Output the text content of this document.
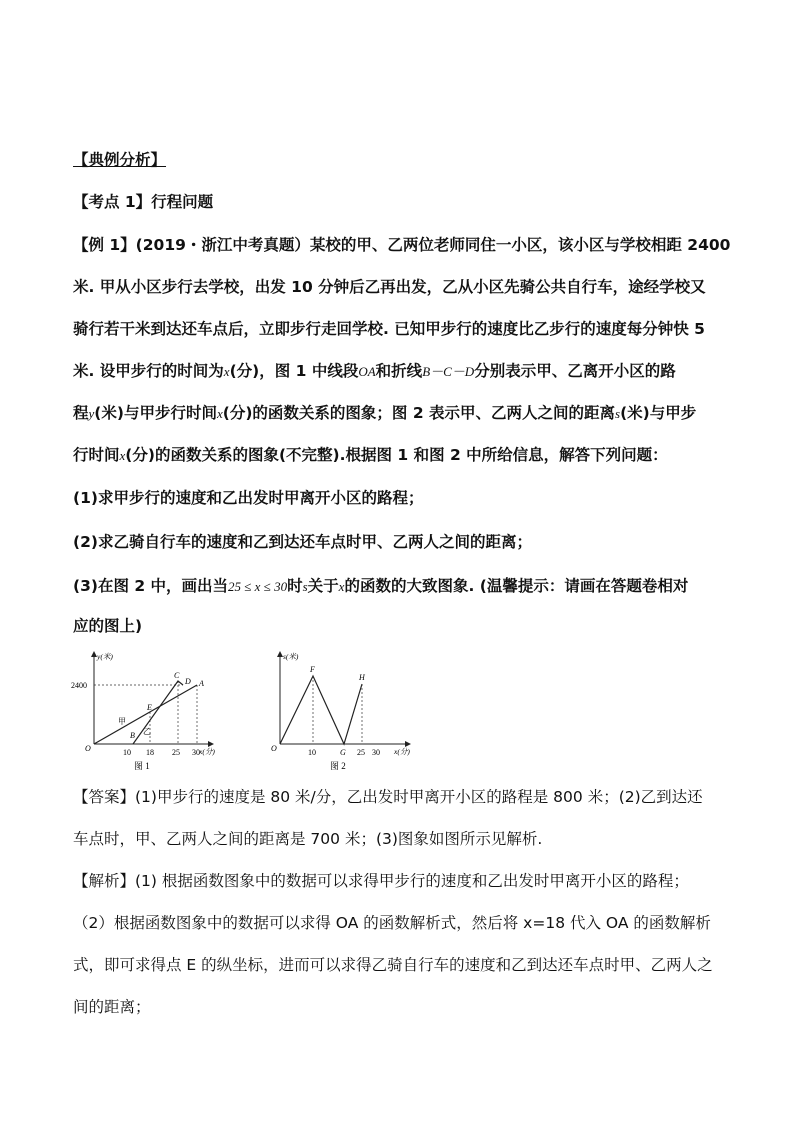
【典例分析】
【考点 1】行程问题
【例 1】(2019・浙江中考真题）某校的甲、乙两位老师同住一小区，该小区与学校相距 2400
米. 甲从小区步行去学校，出发 10 分钟后乙再出发，乙从小区先骑公共自行车，途经学校又
骑行若干米到达还车点后，立即步行走回学校. 已知甲步行的速度比乙步行的速度每分钟快 5
米. 设甲步行的时间为x(分)，图 1 中线段OA和折线B－C－D分别表示甲、乙离开小区的路
程y(米)与甲步行时间x(分)的函数关系的图象；图 2 表示甲、乙两人之间的距离s(米)与甲步
行时间x(分)的函数关系的图象(不完整).根据图 1 和图 2 中所给信息，解答下列问题：
(1)求甲步行的速度和乙出发时甲离开小区的路程；
(2)求乙骑自行车的速度和乙到达还车点时甲、乙两人之间的距离；
(3)在图 2 中，画出当25 ≤ x ≤ 30时s关于x的函数的大致图象. (温馨提示：请画在答题卷相对
应的图上)
y(米)
x(分)
2400
O	10 18 25 30
B
E
C
D A
甲
乙
图 1
s(米)
x(分)
O
F
H
10	G 25 30
图 2
【答案】(1)甲步行的速度是 80 米/分，乙出发时甲离开小区的路程是 800 米；(2)乙到达还
车点时，甲、乙两人之间的距离是 700 米；(3)图象如图所示见解析.
【解析】(1) 根据函数图象中的数据可以求得甲步行的速度和乙出发时甲离开小区的路程；
（2）根据函数图象中的数据可以求得 OA 的函数解析式，然后将 x=18 代入 OA 的函数解析
式，即可求得点 E 的纵坐标，进而可以求得乙骑自行车的速度和乙到达还车点时甲、乙两人之
间的距离；
